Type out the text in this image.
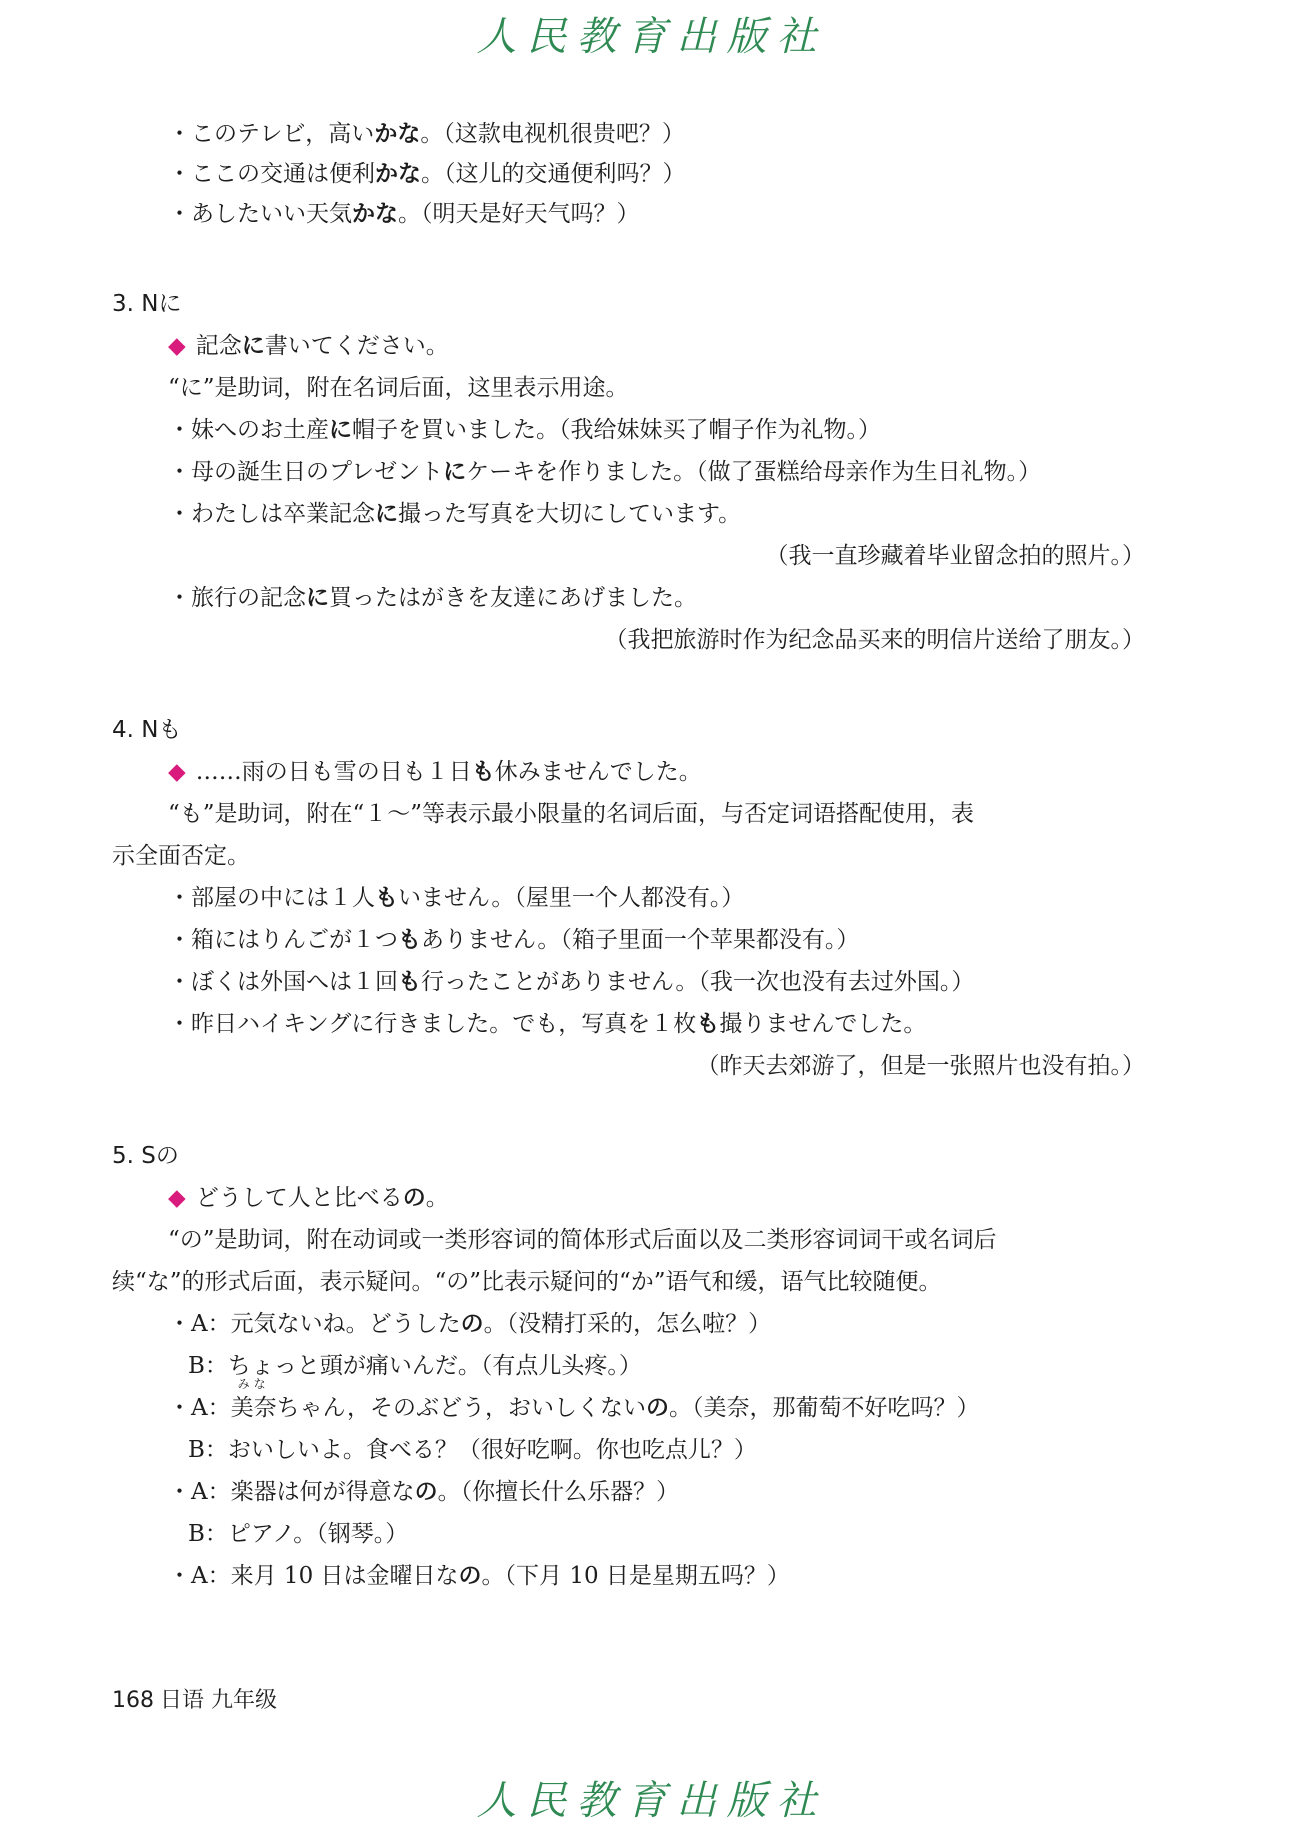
人民教育出版社
・このテレビ，高いかな。（这款电视机很贵吧？）
・ここの交通は便利かな。（这儿的交通便利吗？）
・あしたいい天気かな。（明天是好天气吗？）
3. Nに
◆ 記念に書いてください。
“に”是助词，附在名词后面，这里表示用途。
・妹へのお土産に帽子を買いました。（我给妹妹买了帽子作为礼物。）
・母の誕生日のプレゼントにケーキを作りました。（做了蛋糕给母亲作为生日礼物。）
・わたしは卒業記念に撮った写真を大切にしています。
（我一直珍藏着毕业留念拍的照片。）
・旅行の記念に買ったはがきを友達にあげました。
（我把旅游时作为纪念品买来的明信片送给了朋友。）
4. Nも
◆ ……雨の日も雪の日も１日も休みませんでした。
“も”是助词，附在“１～”等表示最小限量的名词后面，与否定词语搭配使用，表
示全面否定。
・部屋の中には１人もいません。（屋里一个人都没有。）
・箱にはりんごが１つもありません。（箱子里面一个苹果都没有。）
・ぼくは外国へは１回も行ったことがありません。（我一次也没有去过外国。）
・昨日ハイキングに行きました。でも，写真を１枚も撮りませんでした。
（昨天去郊游了，但是一张照片也没有拍。）
5. Sの
◆ どうして人と比べるの。
“の”是助词，附在动词或一类形容词的简体形式后面以及二类形容词词干或名词后
续“な”的形式后面，表示疑问。“の”比表示疑问的“か”语气和缓，语气比较随便。
・A：元気ないね。どうしたの。（没精打采的，怎么啦？）
B：ちょっと頭が痛いんだ。（有点儿头疼。）
・A：
みな
美奈ちゃん，そのぶどう，おいしくないの。（美奈，那葡萄不好吃吗？）
B：おいしいよ。食べる？（很好吃啊。你也吃点儿？）
・A：楽器は何が得意なの。（你擅长什么乐器？）
B：ピアノ。（钢琴。）
・A：来月 10 日は金曜日なの。（下月 10 日是星期五吗？）
168 日语 九年级
人民教育出版社
